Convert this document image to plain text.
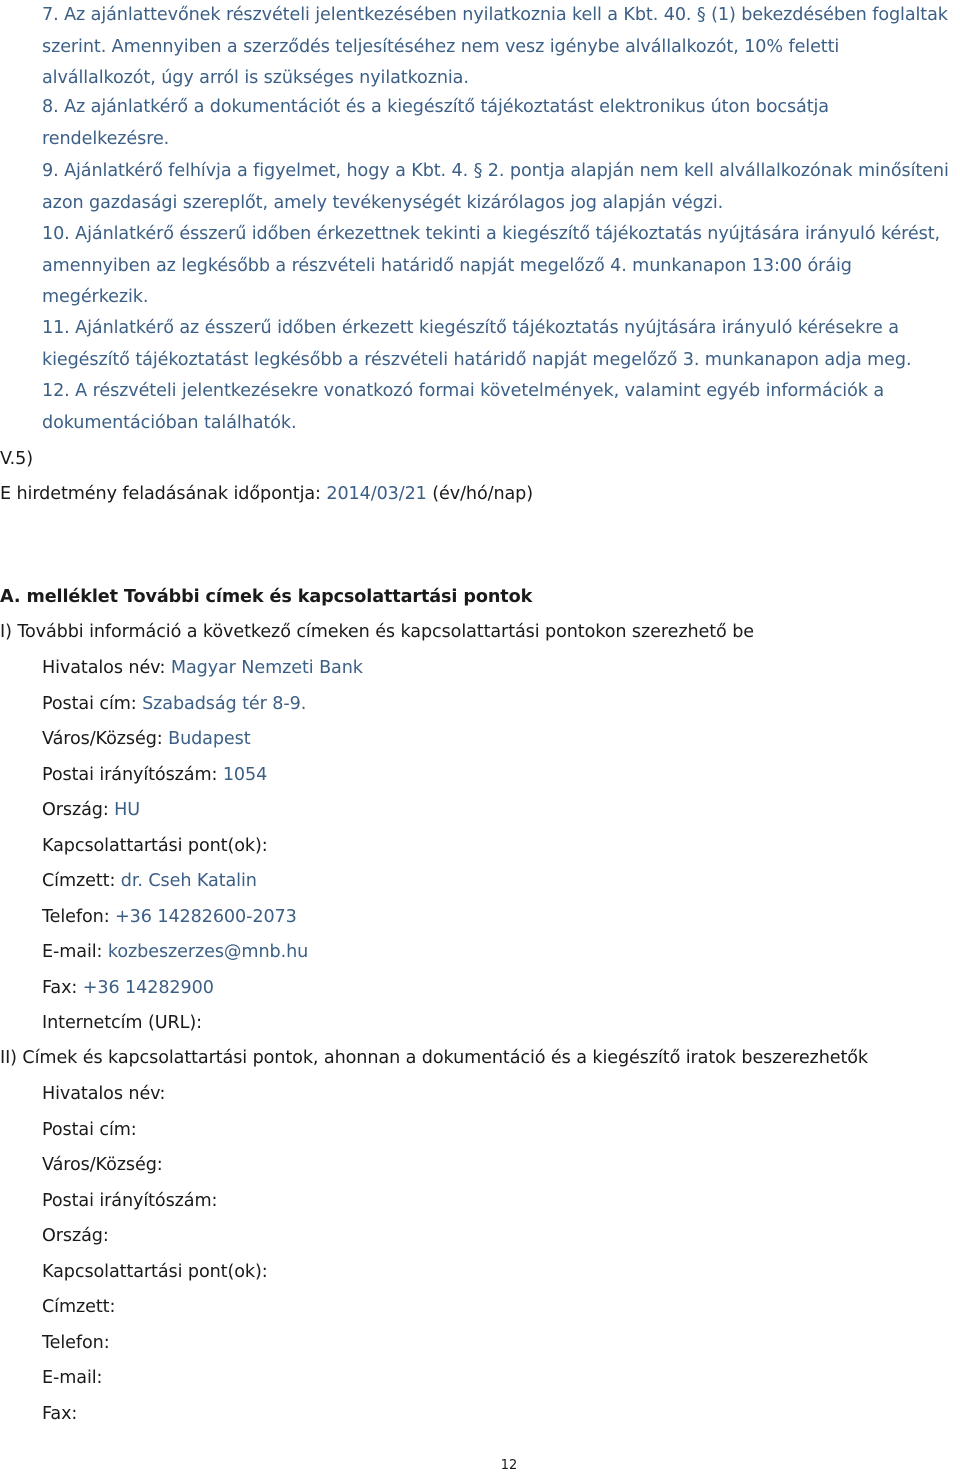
7. Az ajánlattevőnek részvételi jelentkezésében nyilatkoznia kell a Kbt. 40. § (1) bekezdésében foglaltak szerint. Amennyiben a szerződés teljesítéséhez nem vesz igénybe alvállalkozót, 10% feletti alvállalkozót, úgy arról is szükséges nyilatkoznia.
8. Az ajánlatkérő a dokumentációt és a kiegészítő tájékoztatást elektronikus úton bocsátja rendelkezésre.
9. Ajánlatkérő felhívja a figyelmet, hogy a Kbt. 4. § 2. pontja alapján nem kell alvállalkozónak minősíteni azon gazdasági szereplőt, amely tevékenységét kizárólagos jog alapján végzi.
10. Ajánlatkérő ésszerű időben érkezettnek tekinti a kiegészítő tájékoztatás nyújtására irányuló kérést, amennyiben az legkésőbb a részvételi határidő napját megelőző 4. munkanapon 13:00 óráig megérkezik.
11. Ajánlatkérő az ésszerű időben érkezett kiegészítő tájékoztatás nyújtására irányuló kérésekre a kiegészítő tájékoztatást legkésőbb a részvételi határidő napját megelőző 3. munkanapon adja meg.
12. A részvételi jelentkezésekre vonatkozó formai követelmények, valamint egyéb információk a dokumentációban találhatók.
V.5)
E hirdetmény feladásának időpontja: 2014/03/21 (év/hó/nap)
A. melléklet További címek és kapcsolattartási pontok
I) További információ a következő címeken és kapcsolattartási pontokon szerezhető be
Hivatalos név: Magyar Nemzeti Bank
Postai cím: Szabadság tér 8-9.
Város/Község: Budapest
Postai irányítószám: 1054
Ország: HU
Kapcsolattartási pont(ok):
Címzett: dr. Cseh Katalin
Telefon: +36 14282600-2073
E-mail: kozbeszerzes@mnb.hu
Fax: +36 14282900
Internetcím (URL):
II) Címek és kapcsolattartási pontok, ahonnan a dokumentáció és a kiegészítő iratok beszerezhetők
Hivatalos név:
Postai cím:
Város/Község:
Postai irányítószám:
Ország:
Kapcsolattartási pont(ok):
Címzett:
Telefon:
E-mail:
Fax:
12
